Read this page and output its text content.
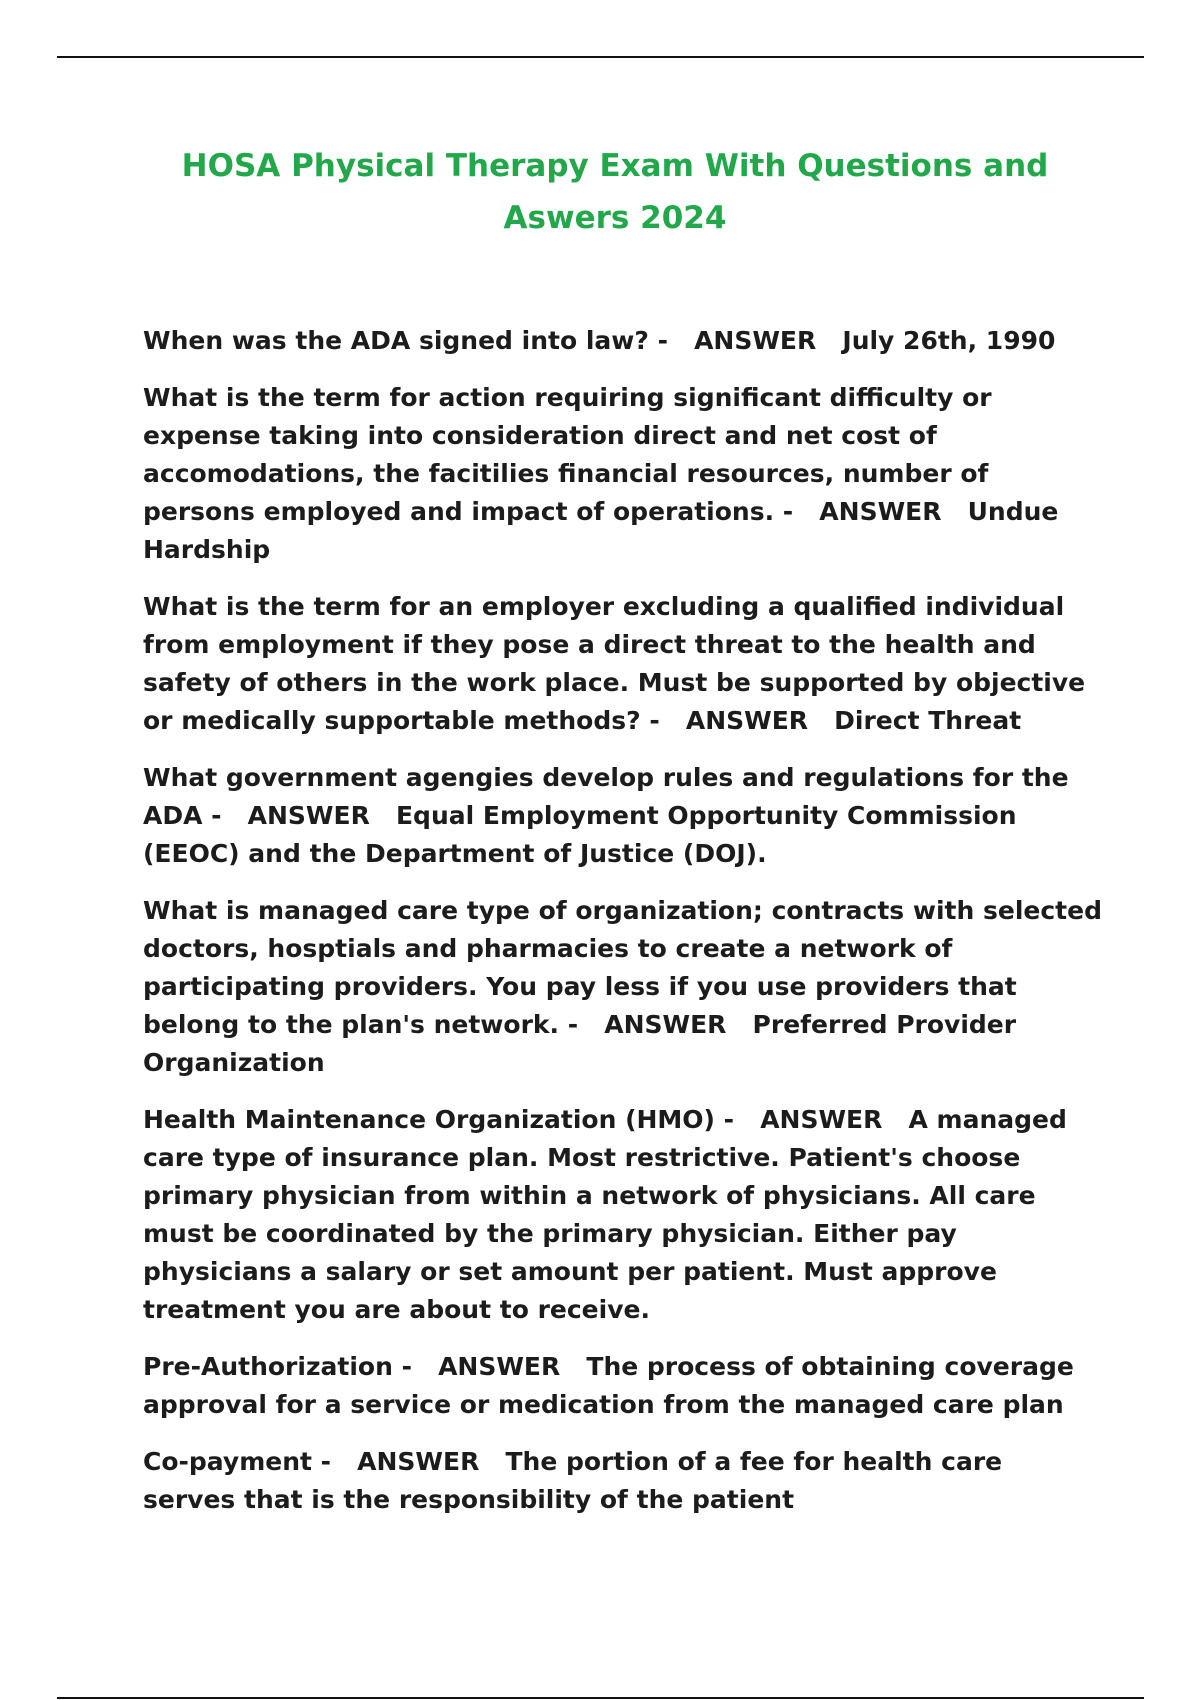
HOSA Physical Therapy Exam With Questions and Aswers 2024

When was the ADA signed into law? - ANSWER July 26th, 1990

What is the term for action requiring significant difficulty or expense taking into consideration direct and net cost of accomodations, the facitilies financial resources, number of persons employed and impact of operations. - ANSWER Undue Hardship

What is the term for an employer excluding a qualified individual from employment if they pose a direct threat to the health and safety of others in the work place. Must be supported by objective or medically supportable methods? - ANSWER Direct Threat

What government agengies develop rules and regulations for the ADA - ANSWER Equal Employment Opportunity Commission (EEOC) and the Department of Justice (DOJ).

What is managed care type of organization; contracts with selected doctors, hosptials and pharmacies to create a network of participating providers. You pay less if you use providers that belong to the plan's network. - ANSWER Preferred Provider Organization

Health Maintenance Organization (HMO) - ANSWER A managed care type of insurance plan. Most restrictive. Patient's choose primary physician from within a network of physicians. All care must be coordinated by the primary physician. Either pay physicians a salary or set amount per patient. Must approve treatment you are about to receive.

Pre-Authorization - ANSWER The process of obtaining coverage approval for a service or medication from the managed care plan

Co-payment - ANSWER The portion of a fee for health care serves that is the responsibility of the patient
